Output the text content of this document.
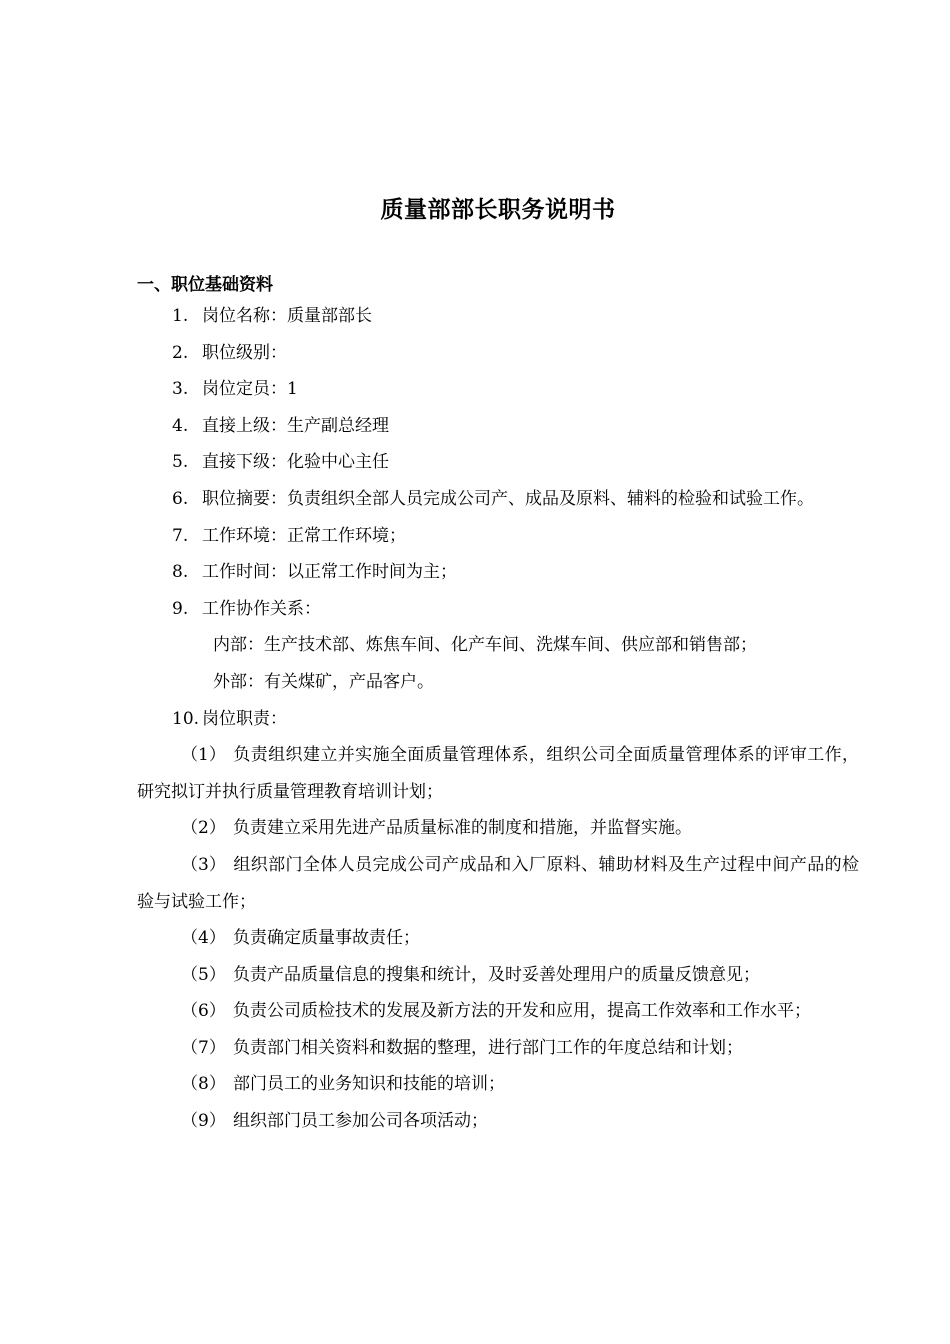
质量部部长职务说明书
一、职位基础资料
1. 岗位名称：质量部部长
2. 职位级别：
3. 岗位定员：1
4. 直接上级：生产副总经理
5. 直接下级：化验中心主任
6. 职位摘要：负责组织全部人员完成公司产、成品及原料、辅料的检验和试验工作。
7. 工作环境：正常工作环境；
8. 工作时间：以正常工作时间为主；
9. 工作协作关系：
内部：生产技术部、炼焦车间、化产车间、洗煤车间、供应部和销售部；
外部：有关煤矿，产品客户。
10. 岗位职责：
（1） 负责组织建立并实施全面质量管理体系，组织公司全面质量管理体系的评审工作，研究拟订并执行质量管理教育培训计划；
（2） 负责建立采用先进产品质量标准的制度和措施，并监督实施。
（3） 组织部门全体人员完成公司产成品和入厂原料、辅助材料及生产过程中间产品的检验与试验工作；
（4） 负责确定质量事故责任；
（5） 负责产品质量信息的搜集和统计，及时妥善处理用户的质量反馈意见；
（6） 负责公司质检技术的发展及新方法的开发和应用，提高工作效率和工作水平；
（7） 负责部门相关资料和数据的整理，进行部门工作的年度总结和计划；
（8） 部门员工的业务知识和技能的培训；
（9） 组织部门员工参加公司各项活动；
